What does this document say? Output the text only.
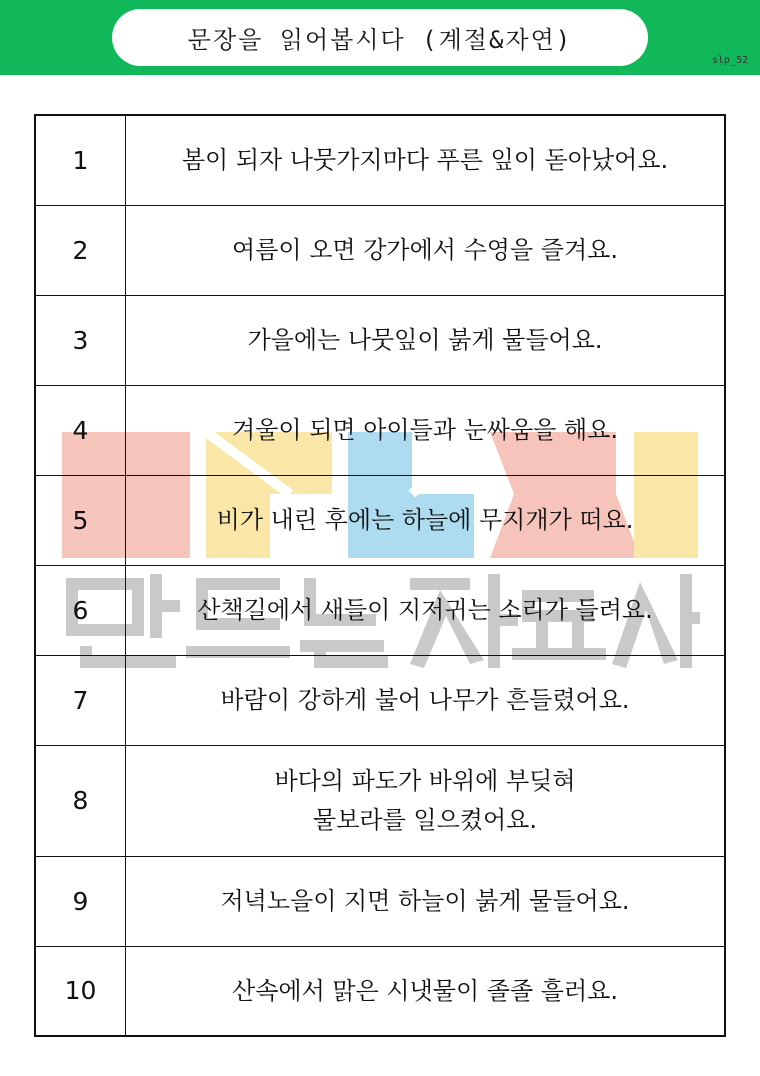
문장을 읽어봅시다 (계절&자연)
slp_52
1	봄이 되자 나뭇가지마다 푸른 잎이 돋아났어요.

2	여름이 오면 강가에서 수영을 즐겨요.

3	가을에는 나뭇잎이 붉게 물들어요.

4	겨울이 되면 아이들과 눈싸움을 해요.

5	비가 내린 후에는 하늘에 무지개가 떠요.

6	산책길에서 새들이 지저귀는 소리가 들려요.

7	바람이 강하게 불어 나무가 흔들렸어요.

8	바다의 파도가 바위에 부딪혀
물보라를 일으켰어요.

9	저녁노을이 지면 하늘이 붉게 물들어요.

10	산속에서 맑은 시냇물이 졸졸 흘러요.
